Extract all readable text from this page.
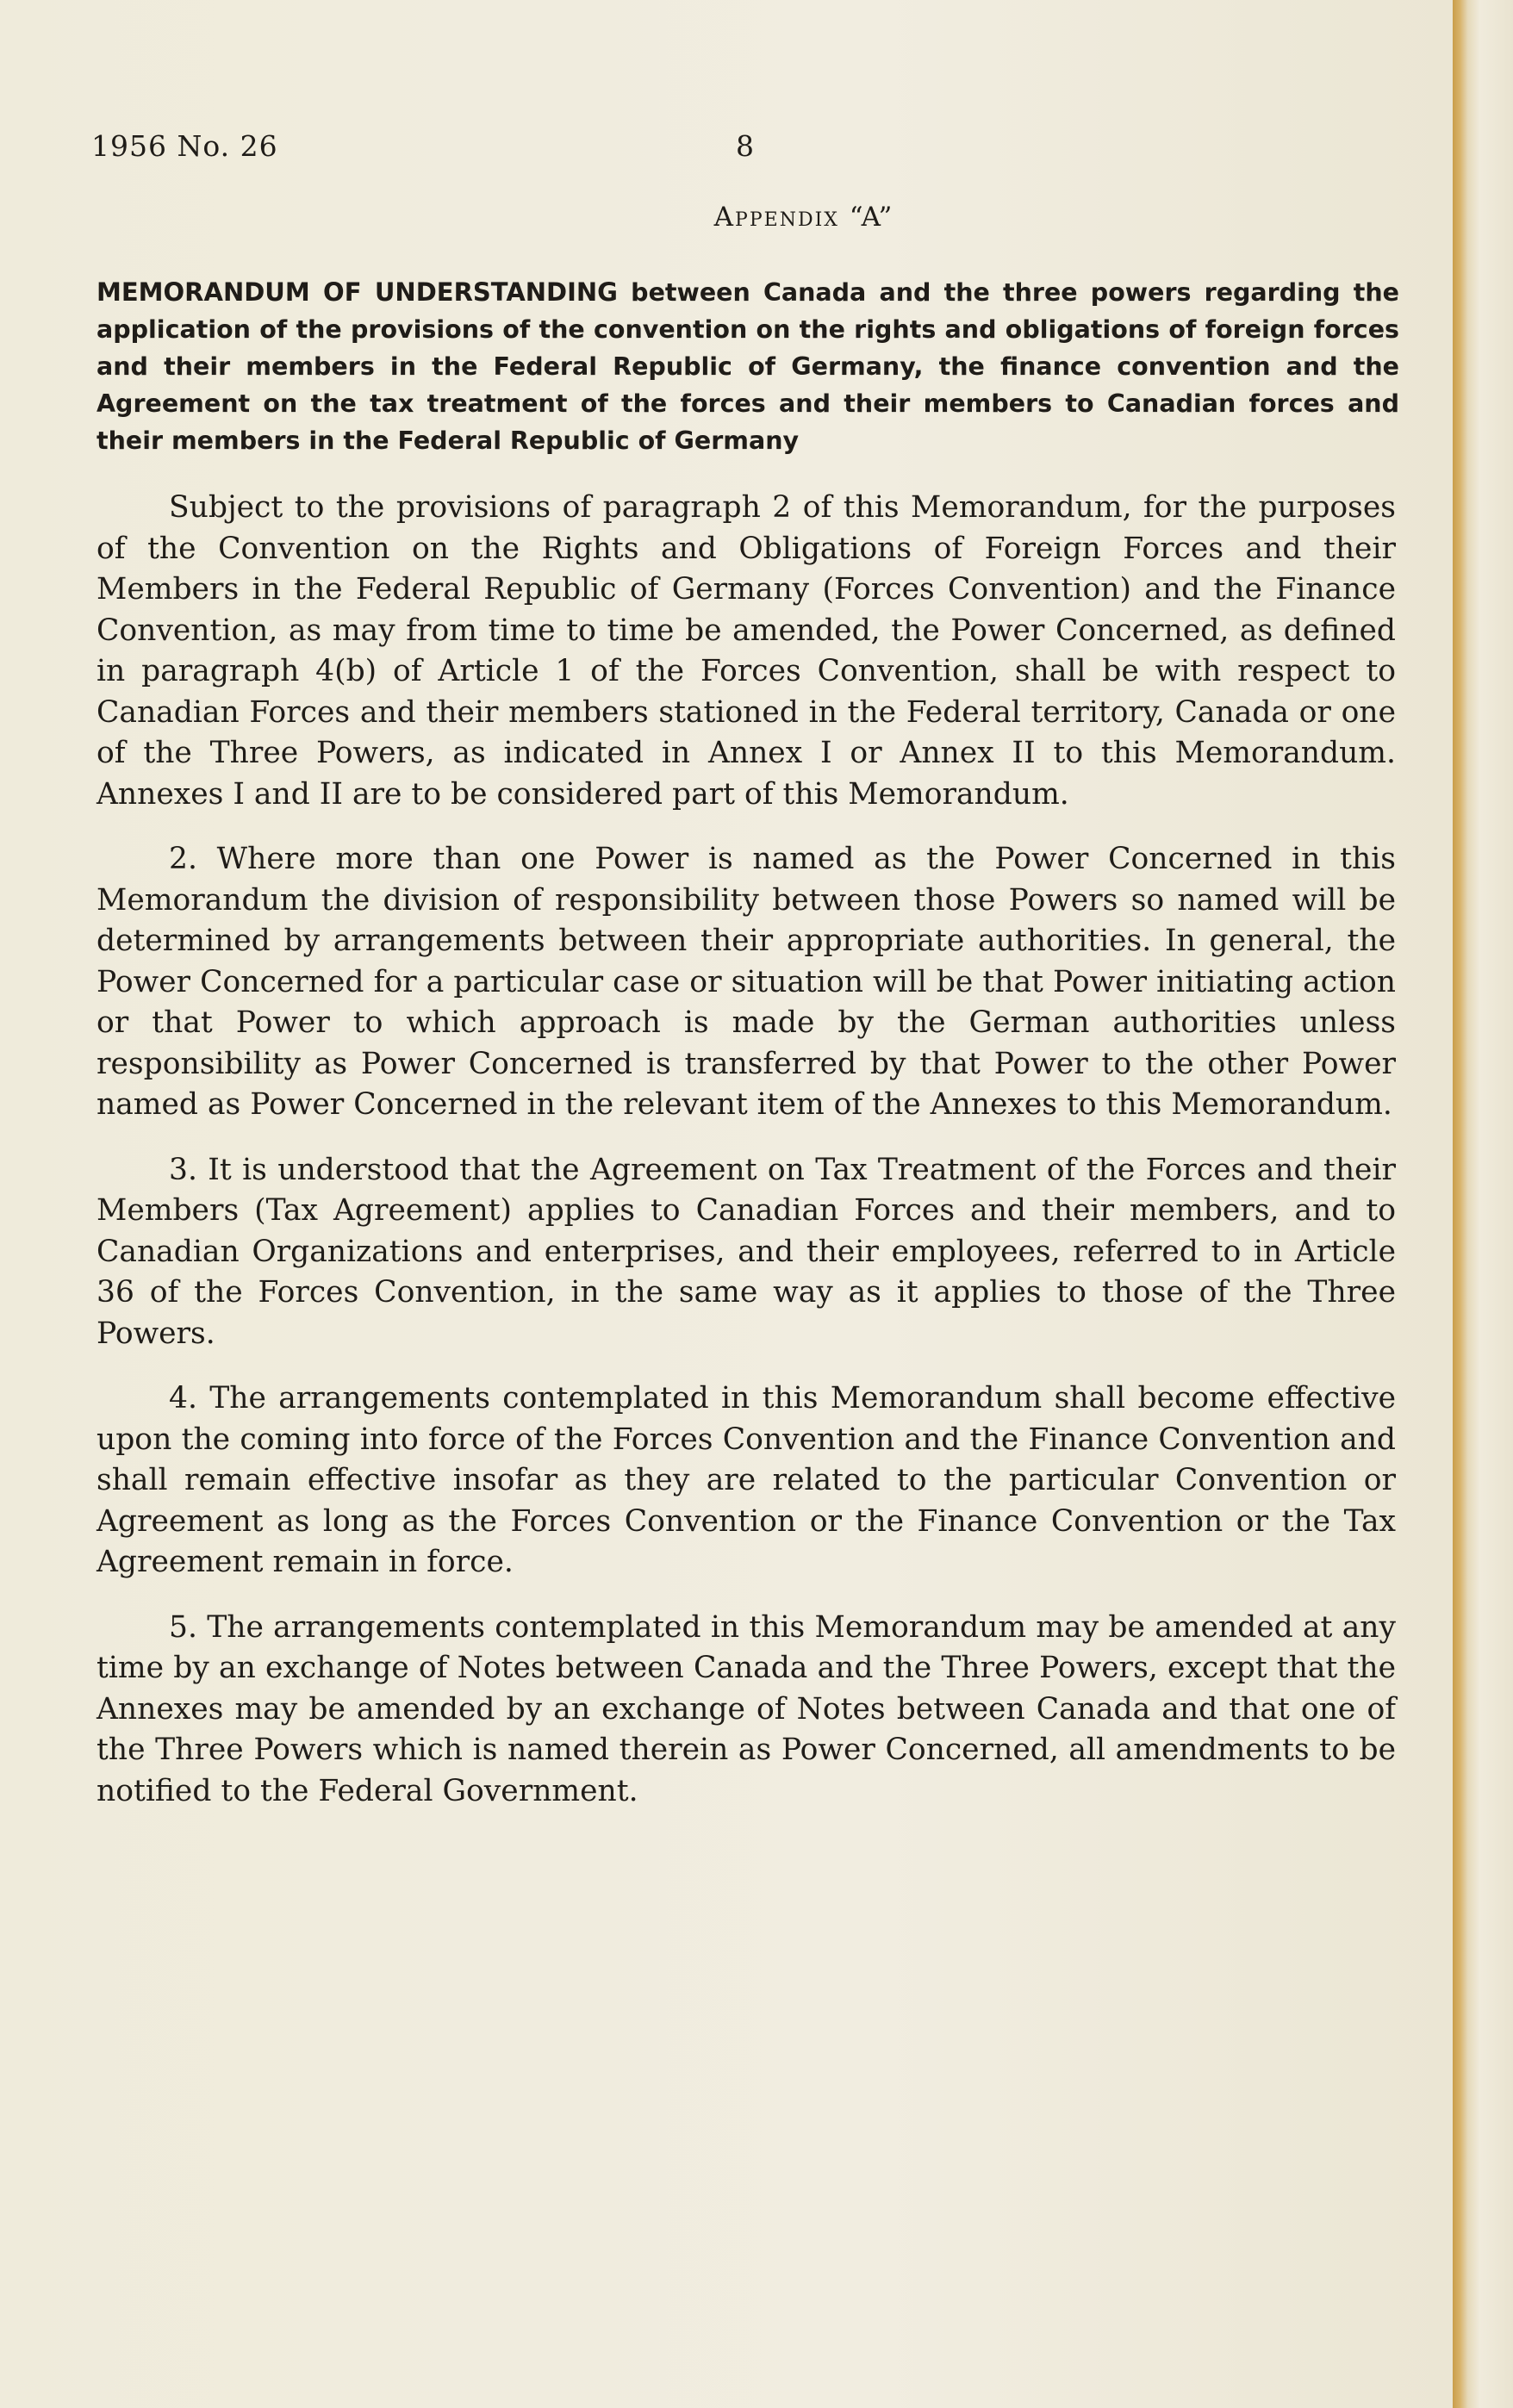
1956 No. 26	8
Appendix “A”
MEMORANDUM OF UNDERSTANDING between Canada and the three powers regarding the application of the provisions of the convention on the rights and obligations of foreign forces and their members in the Federal Republic of Germany, the finance convention and the Agreement on the tax treatment of the forces and their members to Canadian forces and their members in the Federal Republic of Germany

Subject to the provisions of paragraph 2 of this Memorandum, for the purposes of the Convention on the Rights and Obligations of Foreign Forces and their Members in the Federal Republic of Germany (Forces Convention) and the Finance Convention, as may from time to time be amended, the Power Concerned, as defined in paragraph 4(b) of Article 1 of the Forces Convention, shall be with respect to Canadian Forces and their members stationed in the Federal territory, Canada or one of the Three Powers, as indicated in Annex I or Annex II to this Memorandum. Annexes I and II are to be considered part of this Memorandum.

2. Where more than one Power is named as the Power Concerned in this Memorandum the division of responsibility between those Powers so named will be determined by arrangements between their appropriate authorities. In general, the Power Concerned for a particular case or situation will be that Power initiating action or that Power to which approach is made by the German authorities unless responsibility as Power Concerned is transferred by that Power to the other Power named as Power Concerned in the relevant item of the Annexes to this Memorandum.

3. It is understood that the Agreement on Tax Treatment of the Forces and their Members (Tax Agreement) applies to Canadian Forces and their members, and to Canadian Organizations and enterprises, and their employees, referred to in Article 36 of the Forces Convention, in the same way as it applies to those of the Three Powers.

4. The arrangements contemplated in this Memorandum shall become effective upon the coming into force of the Forces Convention and the Finance Convention and shall remain effective insofar as they are related to the particular Convention or Agreement as long as the Forces Convention or the Finance Convention or the Tax Agreement remain in force.

5. The arrangements contemplated in this Memorandum may be amended at any time by an exchange of Notes between Canada and the Three Powers, except that the Annexes may be amended by an exchange of Notes between Canada and that one of the Three Powers which is named therein as Power Concerned, all amendments to be notified to the Federal Government.
